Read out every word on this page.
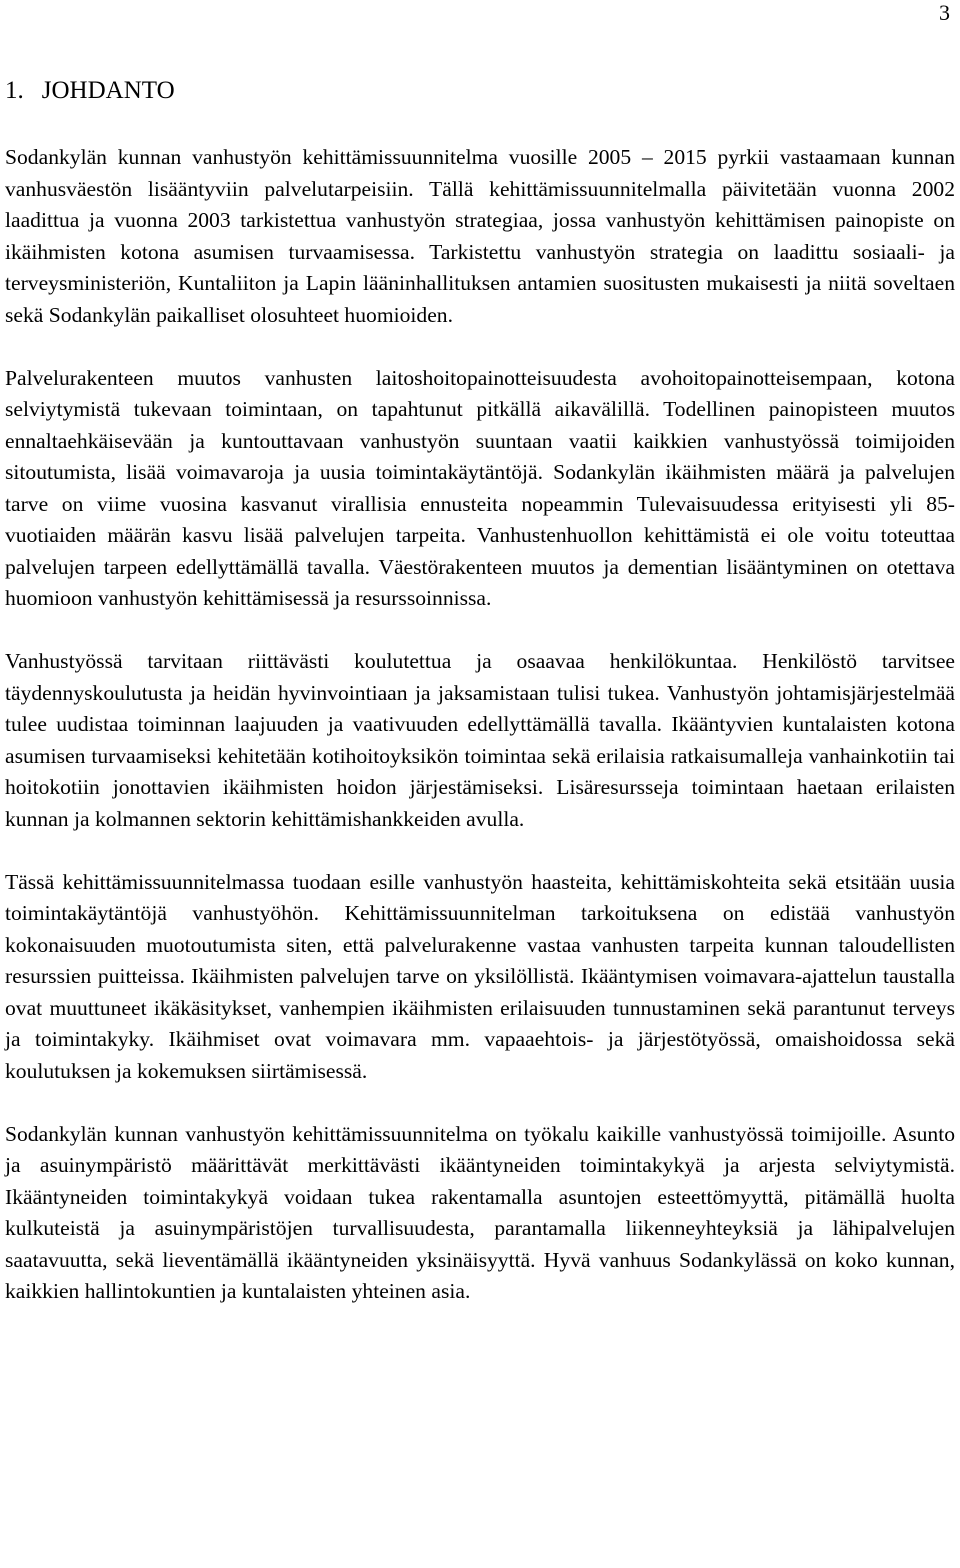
3
1. JOHDANTO

Sodankylän kunnan vanhustyön kehittämissuunnitelma vuosille 2005 – 2015 pyrkii vastaamaan kunnan vanhusväestön lisääntyviin palvelutarpeisiin. Tällä kehittämissuunnitelmalla päivitetään vuonna 2002 laadittua ja vuonna 2003 tarkistettua vanhustyön strategiaa, jossa vanhustyön kehittämisen painopiste on ikäihmisten kotona asumisen turvaamisessa. Tarkistettu vanhustyön strategia on laadittu sosiaali- ja terveysministeriön, Kuntaliiton ja Lapin lääninhallituksen antamien suositusten mukaisesti ja niitä soveltaen sekä Sodankylän paikalliset olosuhteet huomioiden.

Palvelurakenteen muutos vanhusten laitoshoitopainotteisuudesta avohoitopainotteisempaan, kotona selviytymistä tukevaan toimintaan, on tapahtunut pitkällä aikavälillä. Todellinen painopisteen muutos ennaltaehkäisevään ja kuntouttavaan vanhustyön suuntaan vaatii kaikkien vanhustyössä toimijoiden sitoutumista, lisää voimavaroja ja uusia toimintakäytäntöjä. Sodankylän ikäihmisten määrä ja palvelujen tarve on viime vuosina kasvanut virallisia ennusteita nopeammin Tulevaisuudessa erityisesti yli 85-vuotiaiden määrän kasvu lisää palvelujen tarpeita. Vanhustenhuollon kehittämistä ei ole voitu toteuttaa palvelujen tarpeen edellyttämällä tavalla. Väestörakenteen muutos ja dementian lisääntyminen on otettava huomioon vanhustyön kehittämisessä ja resurssoinnissa.

Vanhustyössä tarvitaan riittävästi koulutettua ja osaavaa henkilökuntaa. Henkilöstö tarvitsee täydennyskoulutusta ja heidän hyvinvointiaan ja jaksamistaan tulisi tukea. Vanhustyön johtamisjärjestelmää tulee uudistaa toiminnan laajuuden ja vaativuuden edellyttämällä tavalla. Ikääntyvien kuntalaisten kotona asumisen turvaamiseksi kehitetään kotihoitoyksikön toimintaa sekä erilaisia ratkaisumalleja vanhainkotiin tai hoitokotiin jonottavien ikäihmisten hoidon järjestämiseksi. Lisäresursseja toimintaan haetaan erilaisten kunnan ja kolmannen sektorin kehittämishankkeiden avulla.

Tässä kehittämissuunnitelmassa tuodaan esille vanhustyön haasteita, kehittämiskohteita sekä etsitään uusia toimintakäytäntöjä vanhustyöhön. Kehittämissuunnitelman tarkoituksena on edistää vanhustyön kokonaisuuden muotoutumista siten, että palvelurakenne vastaa vanhusten tarpeita kunnan taloudellisten resurssien puitteissa. Ikäihmisten palvelujen tarve on yksilöllistä. Ikääntymisen voimavara-ajattelun taustalla ovat muuttuneet ikäkäsitykset, vanhempien ikäihmisten erilaisuuden tunnustaminen sekä parantunut terveys ja toimintakyky. Ikäihmiset ovat voimavara mm. vapaaehtois- ja järjestötyössä, omaishoidossa sekä koulutuksen ja kokemuksen siirtämisessä.

Sodankylän kunnan vanhustyön kehittämissuunnitelma on työkalu kaikille vanhustyössä toimijoille. Asunto ja asuinympäristö määrittävät merkittävästi ikääntyneiden toimintakykyä ja arjesta selviytymistä. Ikääntyneiden toimintakykyä voidaan tukea rakentamalla asuntojen esteettömyyttä, pitämällä huolta kulkuteistä ja asuinympäristöjen turvallisuudesta, parantamalla liikenneyhteyksiä ja lähipalvelujen saatavuutta, sekä lieventämällä ikääntyneiden yksinäisyyttä. Hyvä vanhuus Sodankylässä on koko kunnan, kaikkien hallintokuntien ja kuntalaisten yhteinen asia.
